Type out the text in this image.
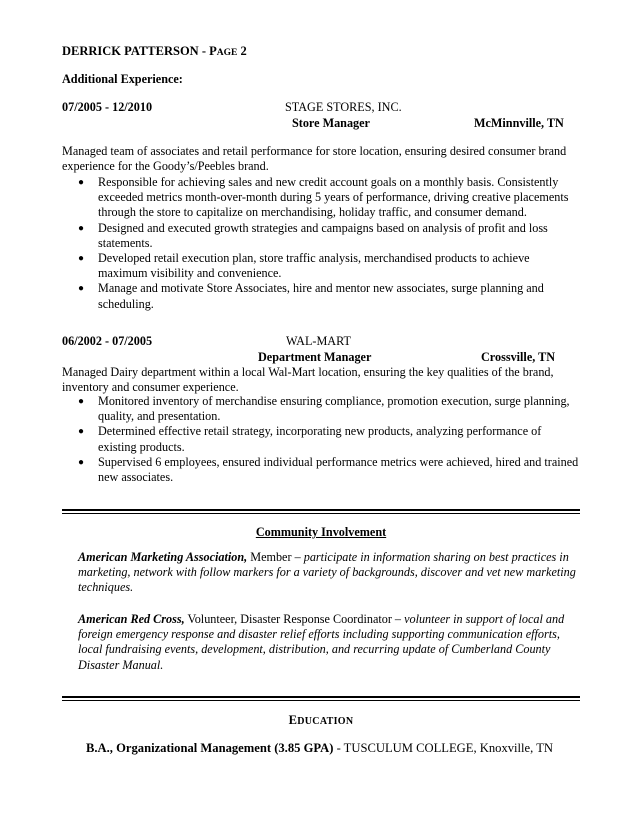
DERRICK PATTERSON - PAGE 2
Additional Experience:
07/2005 - 12/2010	STAGE STORES, INC.
Store Manager	McMinnville, TN
Managed team of associates and retail performance for store location, ensuring desired consumer brand experience for the Goody’s/Peebles brand.
● Responsible for achieving sales and new credit account goals on a monthly basis. Consistently exceeded metrics month-over-month during 5 years of performance, driving creative placements through the store to capitalize on merchandising, holiday traffic, and consumer demand.
● Designed and executed growth strategies and campaigns based on analysis of profit and loss statements.
● Developed retail execution plan, store traffic analysis, merchandised products to achieve maximum visibility and convenience.
● Manage and motivate Store Associates, hire and mentor new associates, surge planning and scheduling.
06/2002 - 07/2005	WAL-MART
Department Manager	Crossville, TN
Managed Dairy department within a local Wal-Mart location, ensuring the key qualities of the brand, inventory and consumer experience.
● Monitored inventory of merchandise ensuring compliance, promotion execution, surge planning, quality, and presentation.
● Determined effective retail strategy, incorporating new products, analyzing performance of existing products.
● Supervised 6 employees, ensured individual performance metrics were achieved, hired and trained new associates.
Community Involvement
American Marketing Association, Member – participate in information sharing on best practices in marketing, network with follow markers for a variety of backgrounds, discover and vet new marketing techniques.
American Red Cross, Volunteer, Disaster Response Coordinator – volunteer in support of local and foreign emergency response and disaster relief efforts including supporting communication efforts, local fundraising events, development, distribution, and recurring update of Cumberland County Disaster Manual.
EDUCATION
B.A., Organizational Management (3.85 GPA) - TUSCULUM COLLEGE, Knoxville, TN
